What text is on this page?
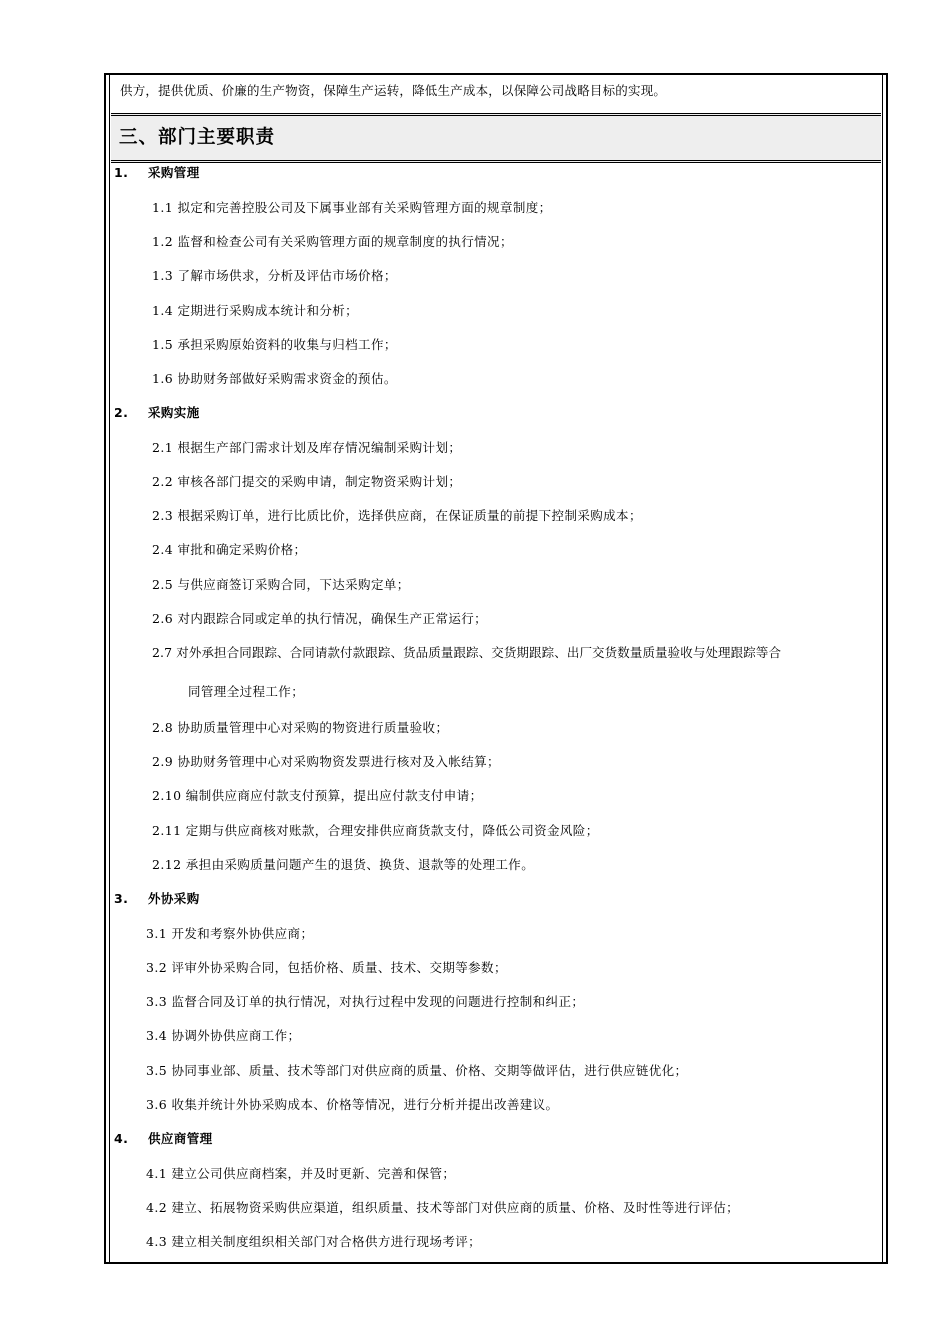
供方，提供优质、价廉的生产物资，保障生产运转，降低生产成本，以保障公司战略目标的实现。
三、部门主要职责
1. 采购管理
1.1 拟定和完善控股公司及下属事业部有关采购管理方面的规章制度；
1.2 监督和检查公司有关采购管理方面的规章制度的执行情况；
1.3 了解市场供求，分析及评估市场价格；
1.4 定期进行采购成本统计和分析；
1.5 承担采购原始资料的收集与归档工作；
1.6 协助财务部做好采购需求资金的预估。
2. 采购实施
2.1 根据生产部门需求计划及库存情况编制采购计划；
2.2 审核各部门提交的采购申请，制定物资采购计划；
2.3 根据采购订单，进行比质比价，选择供应商，在保证质量的前提下控制采购成本；
2.4 审批和确定采购价格；
2.5 与供应商签订采购合同，下达采购定单；
2.6 对内跟踪合同或定单的执行情况，确保生产正常运行；
2.7 对外承担合同跟踪、合同请款付款跟踪、货品质量跟踪、交货期跟踪、出厂交货数量质量验收与处理跟踪等合
同管理全过程工作；
2.8 协助质量管理中心对采购的物资进行质量验收；
2.9 协助财务管理中心对采购物资发票进行核对及入帐结算；
2.10 编制供应商应付款支付预算，提出应付款支付申请；
2.11 定期与供应商核对账款，合理安排供应商货款支付，降低公司资金风险；
2.12 承担由采购质量问题产生的退货、换货、退款等的处理工作。
3. 外协采购
3.1 开发和考察外协供应商；
3.2 评审外协采购合同，包括价格、质量、技术、交期等参数；
3.3 监督合同及订单的执行情况，对执行过程中发现的问题进行控制和纠正；
3.4 协调外协供应商工作；
3.5 协同事业部、质量、技术等部门对供应商的质量、价格、交期等做评估，进行供应链优化；
3.6 收集并统计外协采购成本、价格等情况，进行分析并提出改善建议。
4. 供应商管理
4.1 建立公司供应商档案，并及时更新、完善和保管；
4.2 建立、拓展物资采购供应渠道，组织质量、技术等部门对供应商的质量、价格、及时性等进行评估；
4.3 建立相关制度组织相关部门对合格供方进行现场考评；
